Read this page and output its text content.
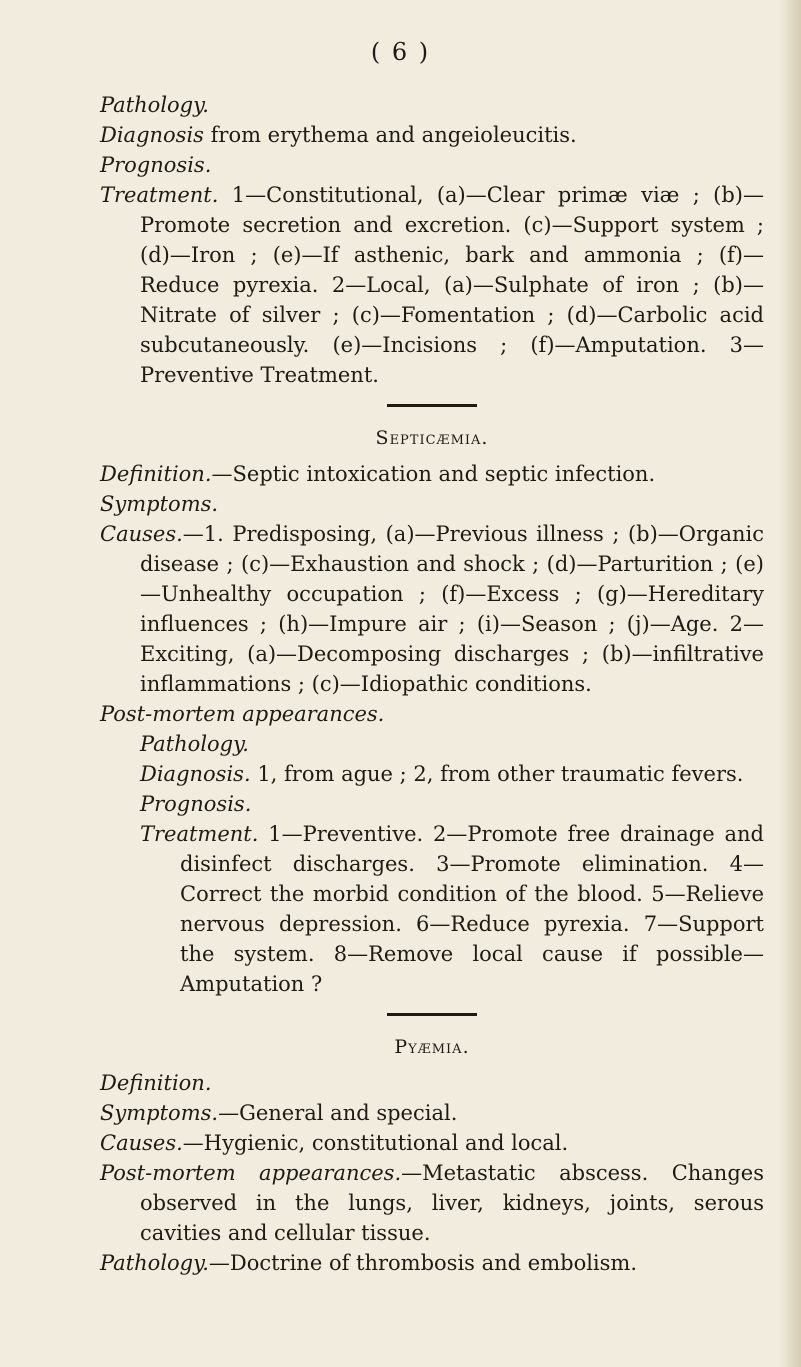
( 6 )

Pathology.

Diagnosis from erythema and angeioleucitis.

Prognosis.

Treatment. 1—Constitutional, (a)—Clear primæ viæ ; (b)—Promote secretion and excretion. (c)—Support system ; (d)—Iron ; (e)—If asthenic, bark and ammonia ; (f)—Reduce pyrexia. 2—Local, (a)—Sulphate of iron ; (b)—Nitrate of silver ; (c)—Fomentation ; (d)—Carbolic acid subcutaneously. (e)—Incisions ; (f)—Amputation. 3—Preventive Treatment.

Septicæmia.

Definition.—Septic intoxication and septic infection.

Symptoms.

Causes.—1. Predisposing, (a)—Previous illness ; (b)—Organic disease ; (c)—Exhaustion and shock ; (d)—Parturition ; (e)—Unhealthy occupation ; (f)—Excess ; (g)—Hereditary influences ; (h)—Impure air ; (i)—Season ; (j)—Age. 2—Exciting, (a)—Decomposing discharges ; (b)—infiltrative inflammations ; (c)—Idiopathic conditions.

Post-mortem appearances.

Pathology.

Diagnosis. 1, from ague ; 2, from other traumatic fevers.

Prognosis.

Treatment. 1—Preventive. 2—Promote free drainage and disinfect discharges. 3—Promote elimination. 4—Correct the morbid condition of the blood. 5—Relieve nervous depression. 6—Reduce pyrexia. 7—Support the system. 8—Remove local cause if possible—Amputation ?

Pyæmia.

Definition.

Symptoms.—General and special.

Causes.—Hygienic, constitutional and local.

Post-mortem appearances.—Metastatic abscess. Changes observed in the lungs, liver, kidneys, joints, serous cavities and cellular tissue.

Pathology.—Doctrine of thrombosis and embolism.
